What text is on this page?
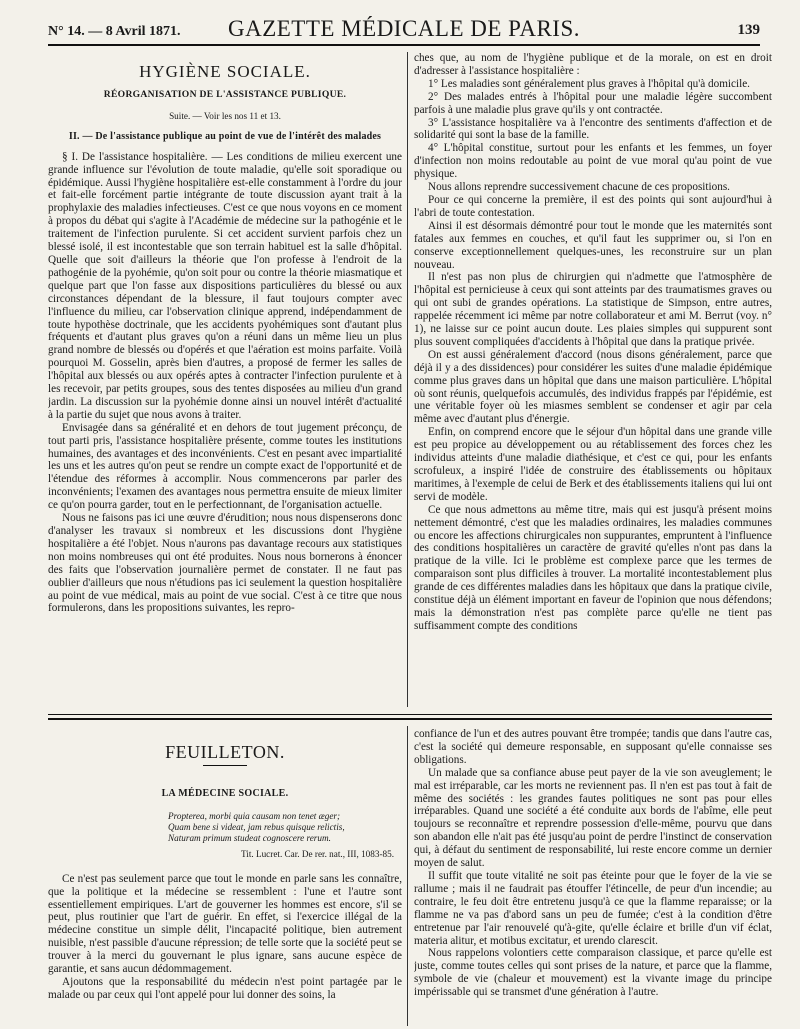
N° 14. — 8 Avril 1871.	GAZETTE MÉDICALE DE PARIS.	139
HYGIÈNE SOCIALE.
RÉORGANISATION DE L'ASSISTANCE PUBLIQUE.
Suite. — Voir les nos 11 et 13.
II. — De l'assistance publique au point de vue de l'intérêt des malades

§ I. De l'assistance hospitalière. — Les conditions de milieu exercent une grande influence sur l'évolution de toute maladie, qu'elle soit sporadique ou épidémique. Aussi l'hygiène hospitalière est-elle constamment à l'ordre du jour et fait-elle forcément partie intégrante de toute discussion ayant trait à la prophylaxie des maladies infectieuses. C'est ce que nous voyons en ce moment à propos du débat qui s'agite à l'Académie de médecine sur la pathogénie et le traitement de l'infection purulente. Si cet accident survient parfois chez un blessé isolé, il est incontestable que son terrain habituel est la salle d'hôpital. Quelle que soit d'ailleurs la théorie que l'on professe à l'endroit de la pathogénie de la pyohémie, qu'on soit pour ou contre la théorie miasmatique et quelque part que l'on fasse aux dispositions particulières du blessé ou aux circonstances dépendant de la blessure, il faut toujours compter avec l'influence du milieu, car l'observation clinique apprend, indépendamment de toute hypothèse doctrinale, que les accidents pyohémiques sont d'autant plus fréquents et d'autant plus graves qu'on a réuni dans un même lieu un plus grand nombre de blessés ou d'opérés et que l'aération est moins parfaite. Voilà pourquoi M. Gosselin, après bien d'autres, a proposé de fermer les salles de l'hôpital aux blessés ou aux opérés aptes à contracter l'infection purulente et à les recevoir, par petits groupes, sous des tentes disposées au milieu d'un grand jardin. La discussion sur la pyohémie donne ainsi un nouvel intérêt d'actualité à la partie du sujet que nous avons à traiter.

Envisagée dans sa généralité et en dehors de tout jugement préconçu, de tout parti pris, l'assistance hospitalière présente, comme toutes les institutions humaines, des avantages et des inconvénients. C'est en pesant avec impartialité les uns et les autres qu'on peut se rendre un compte exact de l'opportunité et de l'étendue des réformes à accomplir. Nous commencerons par parler des inconvénients; l'examen des avantages nous permettra ensuite de mieux limiter ce qu'on pourra garder, tout en le perfectionnant, de l'organisation actuelle.

Nous ne faisons pas ici une œuvre d'érudition; nous nous dispenserons donc d'analyser les travaux si nombreux et les discussions dont l'hygiène hospitalière a été l'objet. Nous n'aurons pas davantage recours aux statistiques non moins nombreuses qui ont été produites. Nous nous bornerons à énoncer des faits que l'observation journalière permet de constater. Il ne faut pas oublier d'ailleurs que nous n'étudions pas ici seulement la question hospitalière au point de vue médical, mais au point de vue social. C'est à ce titre que nous formulerons, dans les propositions suivantes, les repro-

ches que, au nom de l'hygiène publique et de la morale, on est en droit d'adresser à l'assistance hospitalière :

1° Les maladies sont généralement plus graves à l'hôpital qu'à domicile.

2° Des malades entrés à l'hôpital pour une maladie légère succombent parfois à une maladie plus grave qu'ils y ont contractée.

3° L'assistance hospitalière va à l'encontre des sentiments d'affection et de solidarité qui sont la base de la famille.

4° L'hôpital constitue, surtout pour les enfants et les femmes, un foyer d'infection non moins redoutable au point de vue moral qu'au point de vue physique.

Nous allons reprendre successivement chacune de ces propositions.

Pour ce qui concerne la première, il est des points qui sont aujourd'hui à l'abri de toute contestation.

Ainsi il est désormais démontré pour tout le monde que les maternités sont fatales aux femmes en couches, et qu'il faut les supprimer ou, si l'on en conserve exceptionnellement quelques-unes, les reconstruire sur un plan nouveau.

Il n'est pas non plus de chirurgien qui n'admette que l'atmosphère de l'hôpital est pernicieuse à ceux qui sont atteints par des traumatismes graves ou qui ont subi de grandes opérations. La statistique de Simpson, entre autres, rappelée récemment ici même par notre collaborateur et ami M. Berrut (voy. n° 1), ne laisse sur ce point aucun doute. Les plaies simples qui suppurent sont plus souvent compliquées d'accidents à l'hôpital que dans la pratique privée.

On est aussi généralement d'accord (nous disons généralement, parce que déjà il y a des dissidences) pour considérer les suites d'une maladie épidémique comme plus graves dans un hôpital que dans une maison particulière. L'hôpital où sont réunis, quelquefois accumulés, des individus frappés par l'épidémie, est une véritable foyer où les miasmes semblent se condenser et agir par cela même avec d'autant plus d'énergie.

Enfin, on comprend encore que le séjour d'un hôpital dans une grande ville est peu propice au développement ou au rétablissement des forces chez les individus atteints d'une maladie diathésique, et c'est ce qui, pour les enfants scrofuleux, a inspiré l'idée de construire des établissements ou hôpitaux maritimes, à l'exemple de celui de Berk et des établissements italiens qui lui ont servi de modèle.

Ce que nous admettons au même titre, mais qui est jusqu'à présent moins nettement démontré, c'est que les maladies ordinaires, les maladies communes ou encore les affections chirurgicales non suppurantes, empruntent à l'influence des conditions hospitalières un caractère de gravité qu'elles n'ont pas dans la pratique de la ville. Ici le problème est complexe parce que les termes de comparaison sont plus difficiles à trouver. La mortalité incontestablement plus grande de ces différentes maladies dans les hôpitaux que dans la pratique civile, constitue déjà un élément important en faveur de l'opinion que nous défendons; mais la démonstration n'est pas complète parce qu'elle ne tient pas suffisamment compte des conditions

FEUILLETON.
LA MÉDECINE SOCIALE.
Propterea, morbi quia causam non tenet æger;
Quam bene si videat, jam rebus quisque relictis,
Naturam primum studeat cognoscere rerum.
Tit. Lucret. Car. De rer. nat., III, 1083-85.

Ce n'est pas seulement parce que tout le monde en parle sans les connaître, que la politique et la médecine se ressemblent : l'une et l'autre sont essentiellement empiriques. L'art de gouverner les hommes est encore, s'il se peut, plus routinier que l'art de guérir. En effet, si l'exercice illégal de la médecine constitue un simple délit, l'incapacité politique, bien autrement nuisible, n'est passible d'aucune répression; de telle sorte que la société peut se trouver à la merci du gouvernant le plus ignare, sans aucune espèce de garantie, et sans aucun dédommagement.

Ajoutons que la responsabilité du médecin n'est point partagée par le malade ou par ceux qui l'ont appelé pour lui donner des soins, la

confiance de l'un et des autres pouvant être trompée; tandis que dans l'autre cas, c'est la société qui demeure responsable, en supposant qu'elle connaisse ses obligations.

Un malade que sa confiance abuse peut payer de la vie son aveuglement; le mal est irréparable, car les morts ne reviennent pas. Il n'en est pas tout à fait de même des sociétés : les grandes fautes politiques ne sont pas pour elles irréparables. Quand une société a été conduite aux bords de l'abîme, elle peut toujours se reconnaître et reprendre possession d'elle-même, pourvu que dans son abandon elle n'ait pas été jusqu'au point de perdre l'instinct de conservation qui, à défaut du sentiment de responsabilité, lui reste encore comme un dernier moyen de salut.

Il suffit que toute vitalité ne soit pas éteinte pour que le foyer de la vie se rallume ; mais il ne faudrait pas étouffer l'étincelle, de peur d'un incendie; au contraire, le feu doit être entretenu jusqu'à ce que la flamme reparaisse; or la flamme ne va pas d'abord sans un peu de fumée; c'est à la condition d'être entretenue par l'air renouvelé qu'à-gite, qu'elle éclaire et brille d'un vif éclat, materia alitur, et motibus excitatur, et urendo clarescit.

Nous rappelons volontiers cette comparaison classique, et parce qu'elle est juste, comme toutes celles qui sont prises de la nature, et parce que la flamme, symbole de vie (chaleur et mouvement) est la vivante image du principe impérissable qui se transmet d'une génération à l'autre.
